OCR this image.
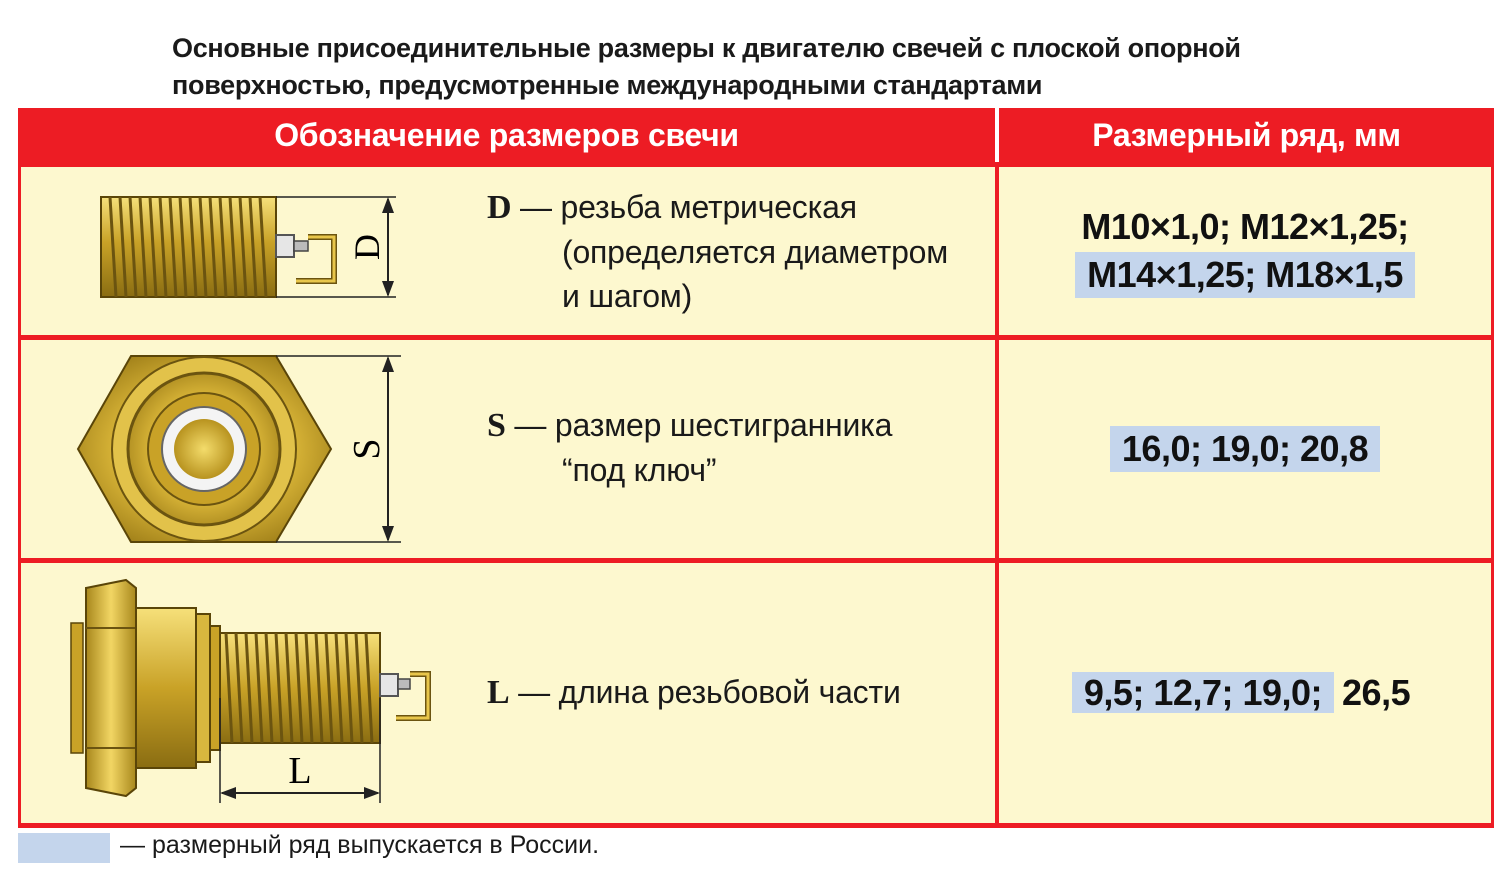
Основные присоединительные размеры к двигателю свечей с плоской опорной
поверхностью, предусмотренные международными стандартами
Обозначение размеров свечи	Размерный ряд, мм
D
D — резьба метрическая
(определяется диаметром
и шагом)
М10×1,0; М12×1,25;
М14×1,25; М18×1,5
S
S — размер шестигранника
“под ключ”
16,0; 19,0; 20,8
L
L — длина резьбовой части	9,5; 12,7; 19,0; 26,5
— размерный ряд выпускается в России.
